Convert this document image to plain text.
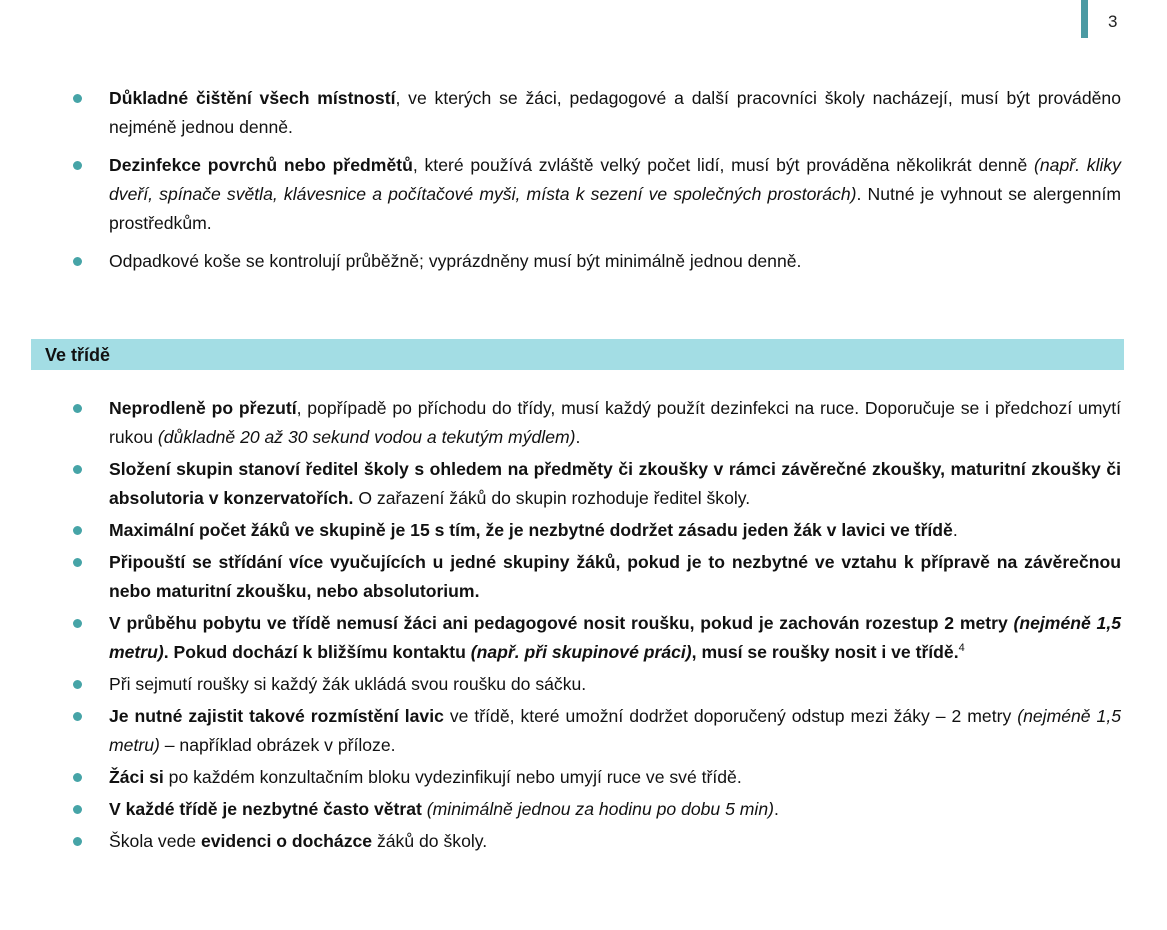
3
Důkladné čištění všech místností, ve kterých se žáci, pedagogové a další pracovníci školy nacházejí, musí být prováděno nejméně jednou denně.
Dezinfekce povrchů nebo předmětů, které používá zvláště velký počet lidí, musí být prováděna několikrát denně (např. kliky dveří, spínače světla, klávesnice a počítačové myši, místa k sezení ve společných prostorách). Nutné je vyhnout se alergenním prostředkům.
Odpadkové koše se kontrolují průběžně; vyprázdněny musí být minimálně jednou denně.
Ve třídě
Neprodleně po přezutí, popřípadě po příchodu do třídy, musí každý použít dezinfekci na ruce. Doporučuje se i předchozí umytí rukou (důkladně 20 až 30 sekund vodou a tekutým mýdlem).
Složení skupin stanoví ředitel školy s ohledem na předměty či zkoušky v rámci závěrečné zkoušky, maturitní zkoušky či absolutoria v konzervatořích. O zařazení žáků do skupin rozhoduje ředitel školy.
Maximální počet žáků ve skupině je 15 s tím, že je nezbytné dodržet zásadu jeden žák v lavici ve třídě.
Připouští se střídání více vyučujících u jedné skupiny žáků, pokud je to nezbytné ve vztahu k přípravě na závěrečnou nebo maturitní zkoušku, nebo absolutorium.
V průběhu pobytu ve třídě nemusí žáci ani pedagogové nosit roušku, pokud je zachován rozestup 2 metry (nejméně 1,5 metru). Pokud dochází k bližšímu kontaktu (např. při skupinové práci), musí se roušky nosit i ve třídě.$^4$
Při sejmutí roušky si každý žák ukládá svou roušku do sáčku.
Je nutné zajistit takové rozmístění lavic ve třídě, které umožní dodržet doporučený odstup mezi žáky – 2 metry (nejméně 1,5 metru) – například obrázek v příloze.
Žáci si po každém konzultačním bloku vydezinfikují nebo umyjí ruce ve své třídě.
V každé třídě je nezbytné často větrat (minimálně jednou za hodinu po dobu 5 min).
Škola vede evidenci o docházce žáků do školy.
